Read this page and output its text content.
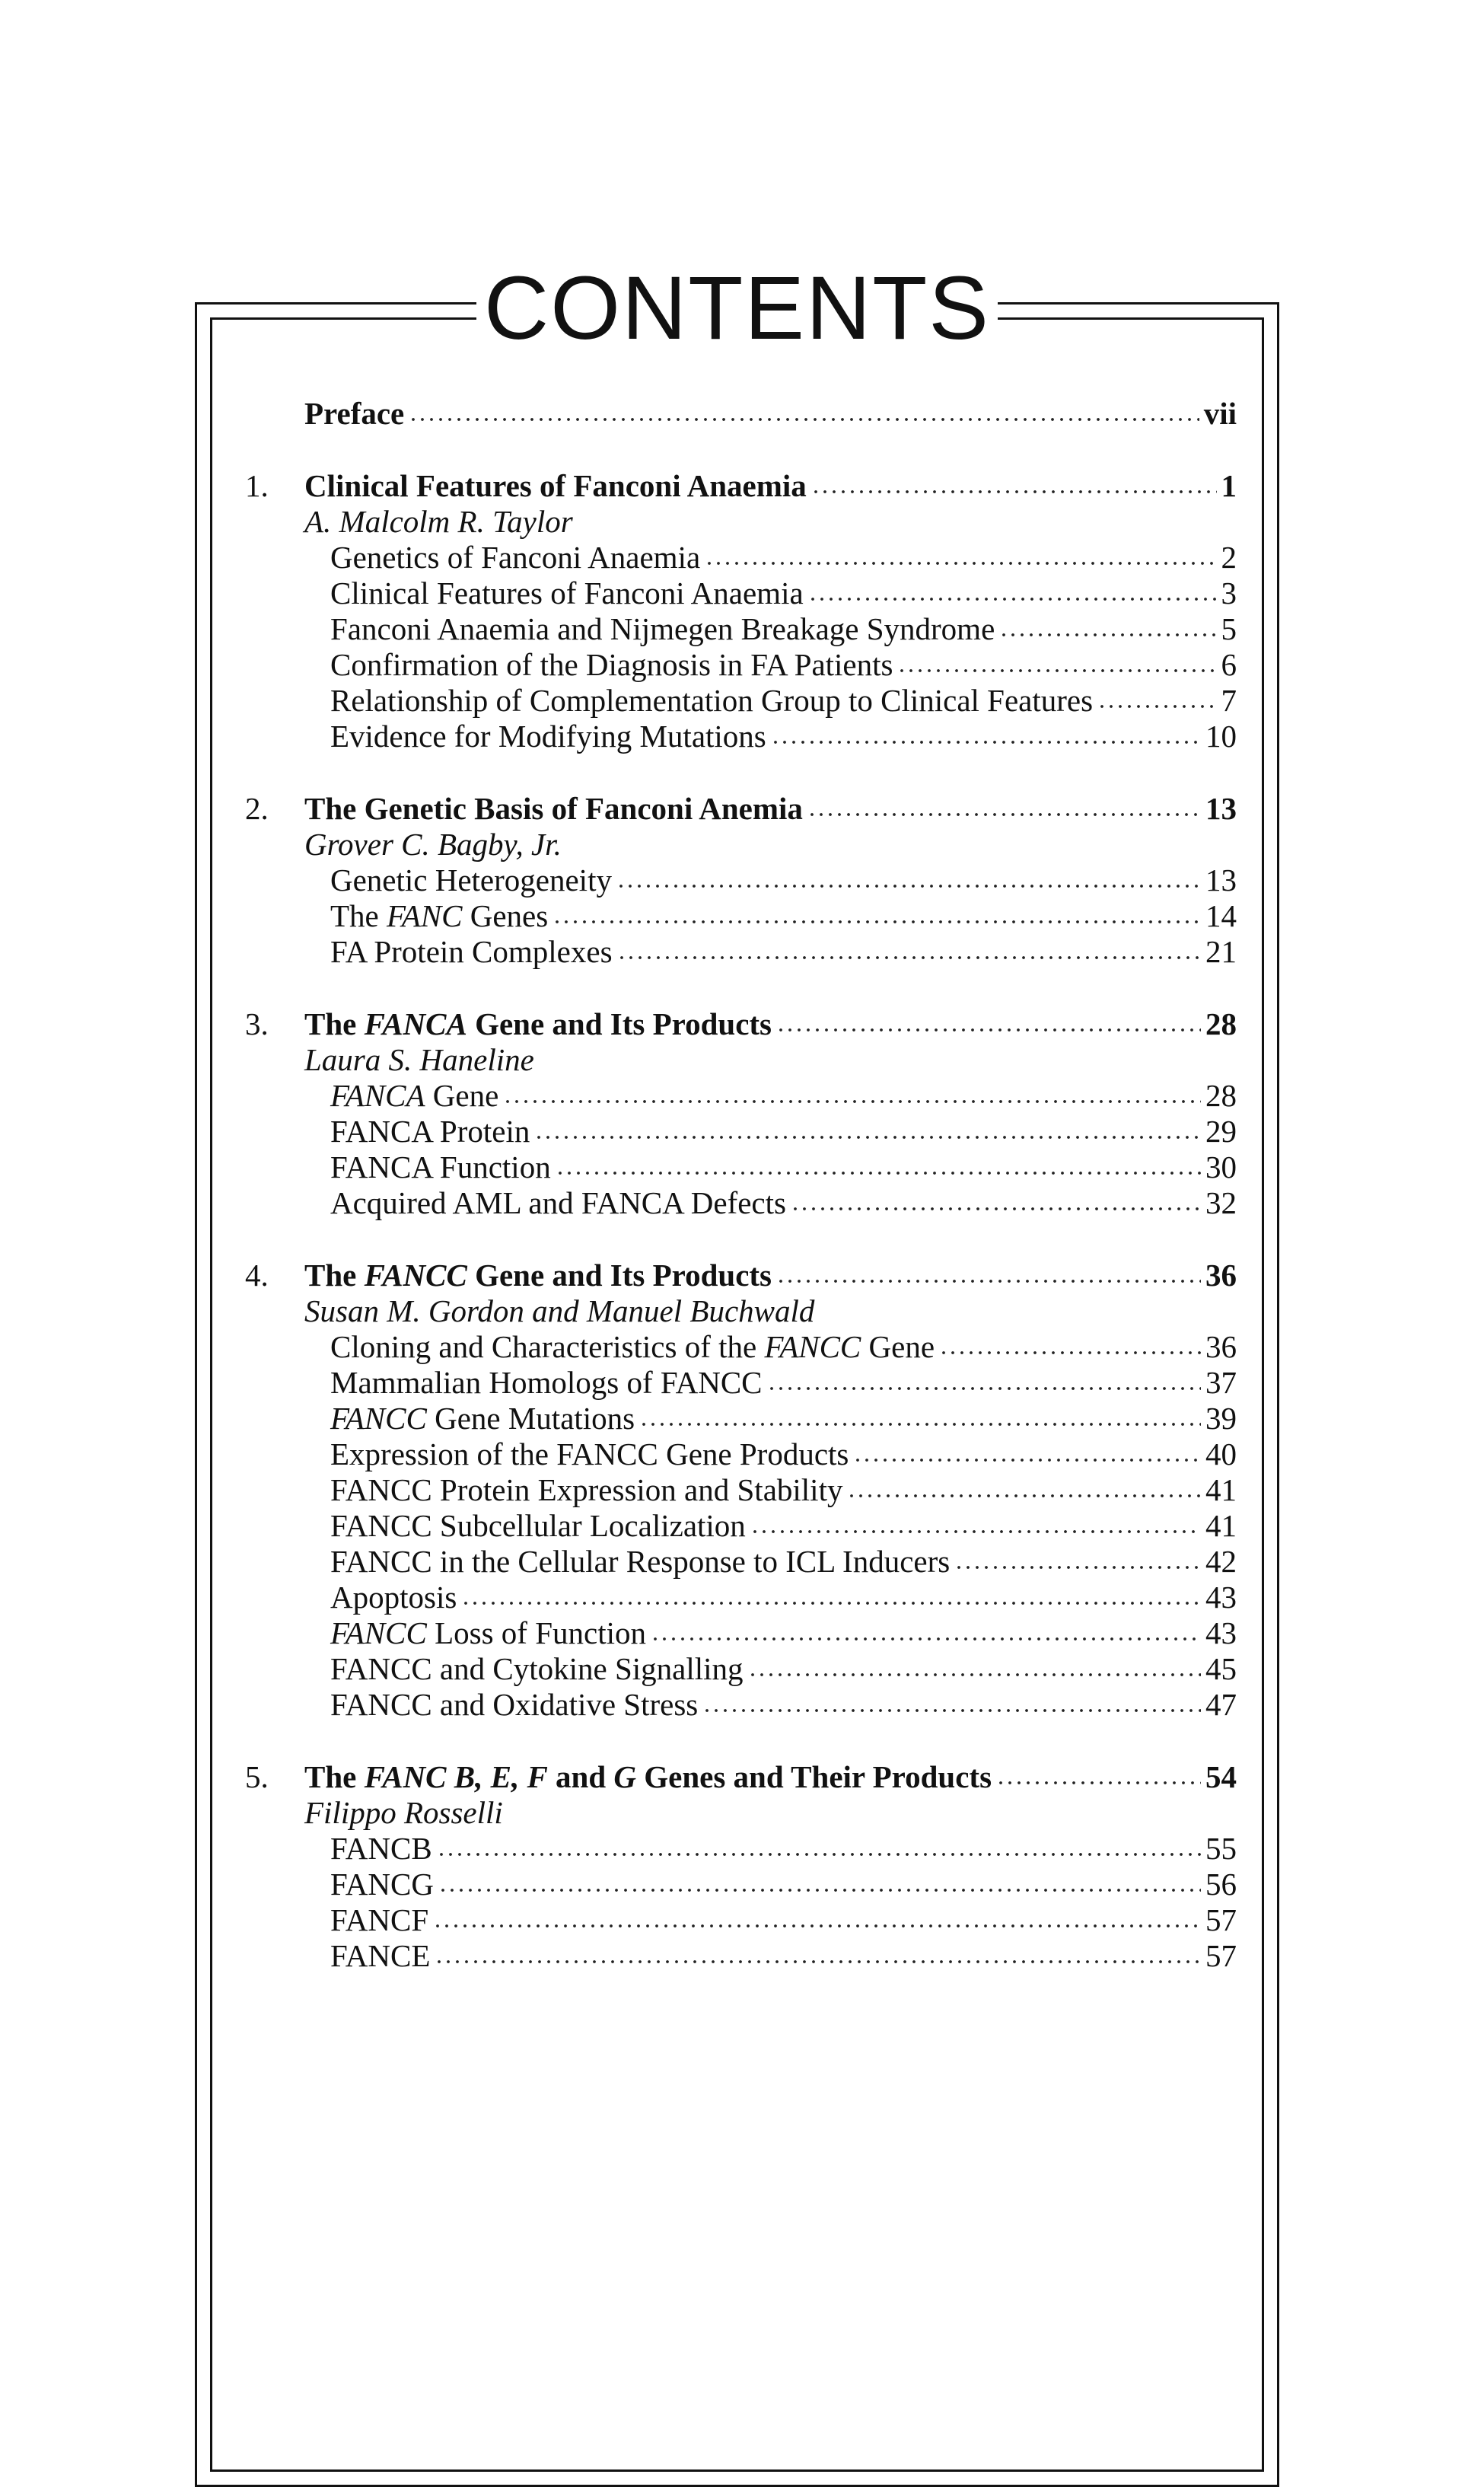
CONTENTS
Preface	vii
1. Clinical Features of Fanconi Anaemia	1
A. Malcolm R. Taylor
Genetics of Fanconi Anaemia	2
Clinical Features of Fanconi Anaemia	3
Fanconi Anaemia and Nijmegen Breakage Syndrome	5
Confirmation of the Diagnosis in FA Patients	6
Relationship of Complementation Group to Clinical Features	7
Evidence for Modifying Mutations	10
2. The Genetic Basis of Fanconi Anemia	13
Grover C. Bagby, Jr.
Genetic Heterogeneity	13
The FANC Genes	14
FA Protein Complexes	21
3. The FANCA Gene and Its Products	28
Laura S. Haneline
FANCA Gene	28
FANCA Protein	29
FANCA Function	30
Acquired AML and FANCA Defects	32
4. The FANCC Gene and Its Products	36
Susan M. Gordon and Manuel Buchwald
Cloning and Characteristics of the FANCC Gene	36
Mammalian Homologs of FANCC	37
FANCC Gene Mutations	39
Expression of the FANCC Gene Products	40
FANCC Protein Expression and Stability	41
FANCC Subcellular Localization	41
FANCC in the Cellular Response to ICL Inducers	42
Apoptosis	43
FANCC Loss of Function	43
FANCC and Cytokine Signalling	45
FANCC and Oxidative Stress	47
5. The FANC B, E, F and G Genes and Their Products	54
Filippo Rosselli
FANCB	55
FANCG	56
FANCF	57
FANCE	57
